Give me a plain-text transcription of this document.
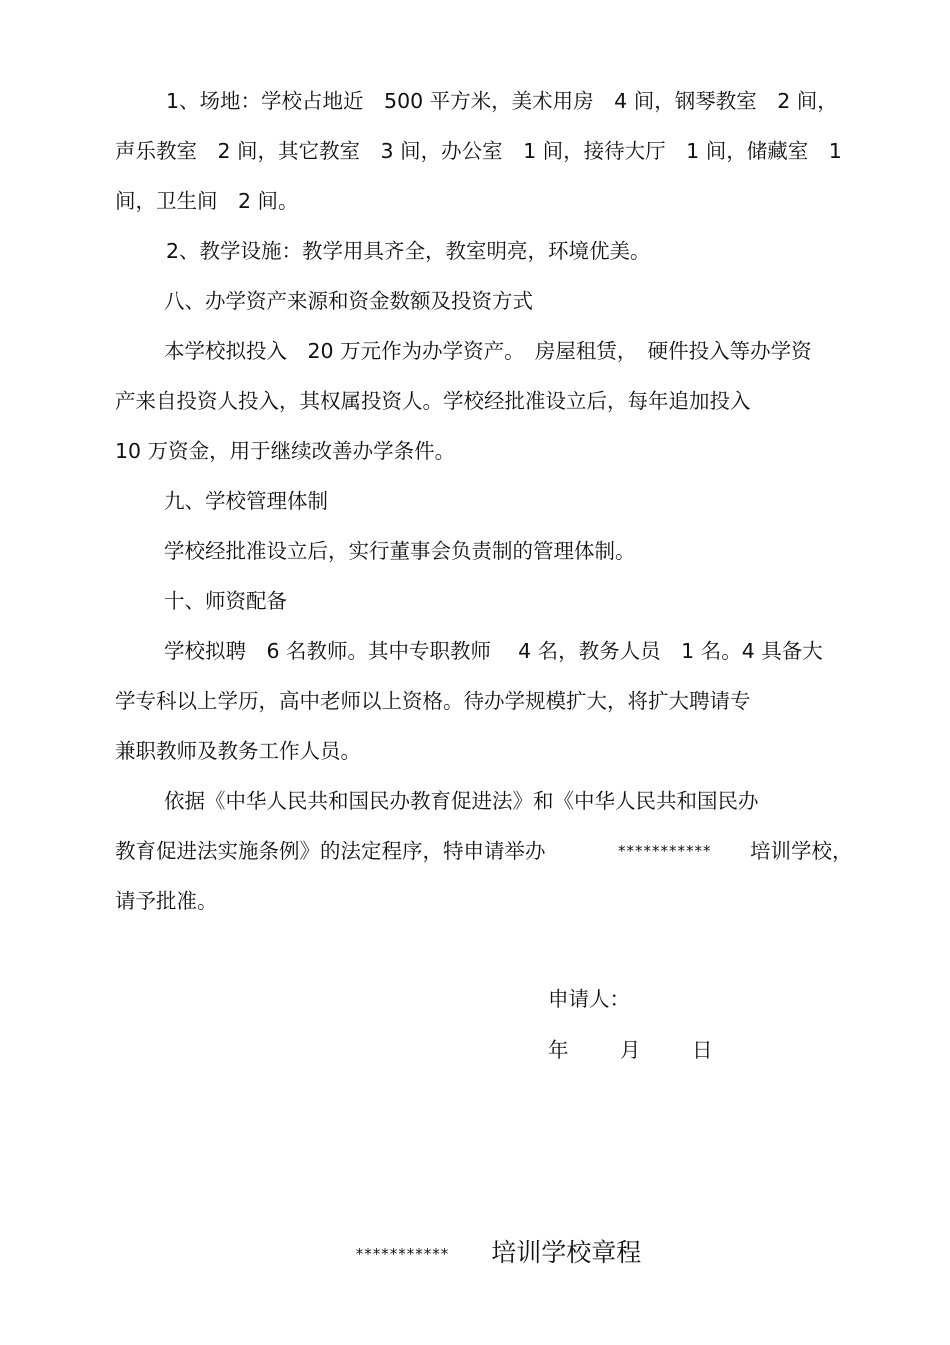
1、场地：学校占地近　500 平方米，美术用房　4 间，钢琴教室　2 间，
声乐教室　2 间，其它教室　3 间，办公室　1 间，接待大厅　1 间，储藏室　1
间，卫生间　2 间。
2、教学设施：教学用具齐全，教室明亮，环境优美。
八、办学资产来源和资金数额及投资方式
本学校拟投入　20 万元作为办学资产。　房屋租赁，　硬件投入等办学资
产来自投资人投入，其权属投资人。学校经批准设立后，每年追加投入
10 万资金，用于继续改善办学条件。
九、学校管理体制
学校经批准设立后，实行董事会负责制的管理体制。
十、师资配备
学校拟聘　6 名教师。其中专职教师　 4 名，教务人员　1 名。4 具备大
学专科以上学历，高中老师以上资格。待办学规模扩大，将扩大聘请专
兼职教师及教务工作人员。
依据《中华人民共和国民办教育促进法》和《中华人民共和国民办
教育促进法实施条例》的法定程序，特申请举办	*********** 培训学校，
请予批准。
申请人：
年	月	日

*********** 培训学校章程
